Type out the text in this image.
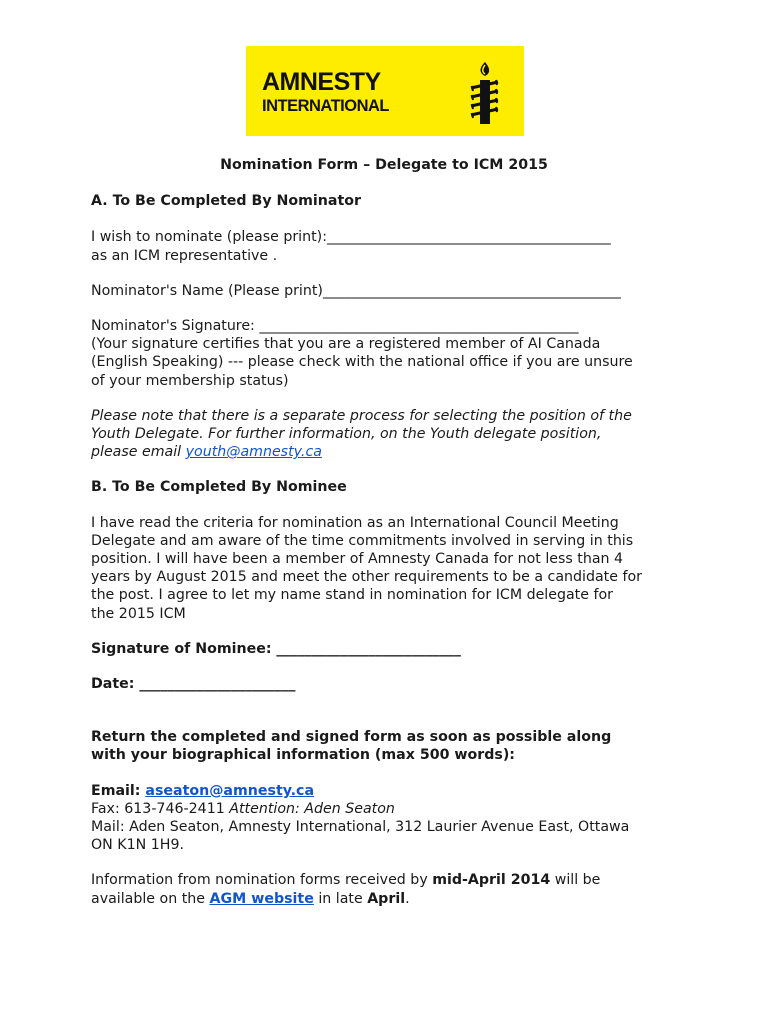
AMNESTY
INTERNATIONAL

Nomination Form – Delegate to ICM 2015

A. To Be Completed By Nominator

I wish to nominate (please print):________________________________________

as an ICM representative .

Nominator's Name (Please print)__________________________________________

Nominator's Signature: _____________________________________________

(Your signature certifies that you are a registered member of AI Canada

(English Speaking) --- please check with the national office if you are unsure

of your membership status)

Please note that there is a separate process for selecting the position of the

Youth Delegate. For further information, on the Youth delegate position,

please email youth@amnesty.ca

B. To Be Completed By Nominee

I have read the criteria for nomination as an International Council Meeting

Delegate and am aware of the time commitments involved in serving in this

position. I will have been a member of Amnesty Canada for not less than 4

years by August 2015 and meet the other requirements to be a candidate for

the post. I agree to let my name stand in nomination for ICM delegate for

the 2015 ICM

Signature of Nominee: __________________________

Date: ______________________

Return the completed and signed form as soon as possible along

with your biographical information (max 500 words):

Email: aseaton@amnesty.ca

Fax: 613-746-2411 Attention: Aden Seaton

Mail: Aden Seaton, Amnesty International, 312 Laurier Avenue East, Ottawa

ON K1N 1H9.

Information from nomination forms received by mid-April 2014 will be

available on the AGM website in late April.
